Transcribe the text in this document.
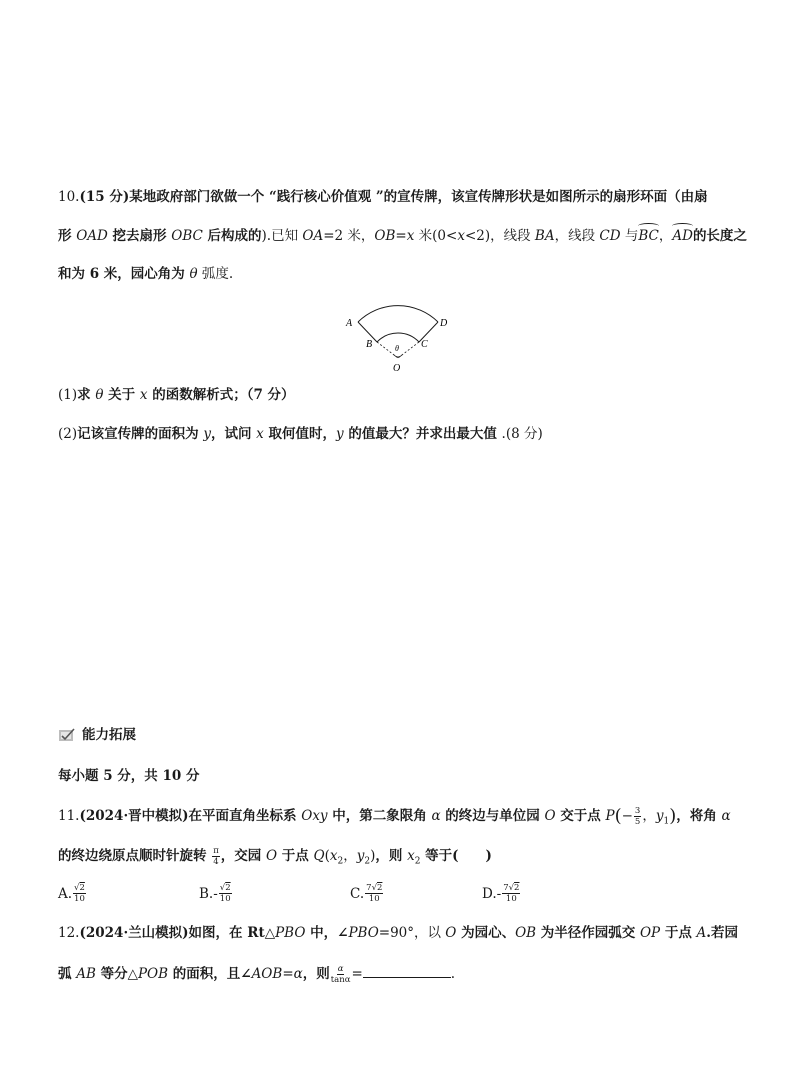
10.(15 分)某地政府部门欲做一个 “践行核心价值观 ”的宣传牌，该宣传牌形状是如图所示的扇形环面（由扇
形 OAD 挖去扇形 OBC 后构成的).已知 OA=2 米，OB=x 米(0<x<2)，线段 BA，线段 CD 与BC，AD的长度之
和为 6 米，园心角为 θ 弧度.
A	D
B	C
θ
O
(1)求 θ 关于 x 的函数解析式；（7 分）
(2)记该宣传牌的面积为 y，试问 x 取何值时，y 的值最大？并求出最大值 .(8 分)
能力拓展
每小题 5 分，共 10 分
11.(2024·晋中模拟)在平面直角坐标系 Oxy 中，第二象限角 α 的终边与单位园 O 交于点 $P(- \frac{3}{5}$ ，$y_1$)，将角 α
的终边绕原点顺时针旋转 $\frac{\pi}{4}$ ，交园 O 于点 $Q(x_2$，$y_2$)，则 $x_2$ 等于(　　)
A. $\frac{√2}{10}$	B. - $\frac{√2}{10}$	C. $\frac{7√2}{10}$	D. - $\frac{7√2}{10}$
12.(2024·兰山模拟)如图，在 Rt△PBO 中，∠PBO=90°，以 O 为园心、OB 为半径作园弧交 OP 于点 A.若园
弧 AB 等分△POB 的面积，且∠AOB=α，则 $\frac{\alpha}{\tan\alpha}$ =	.
